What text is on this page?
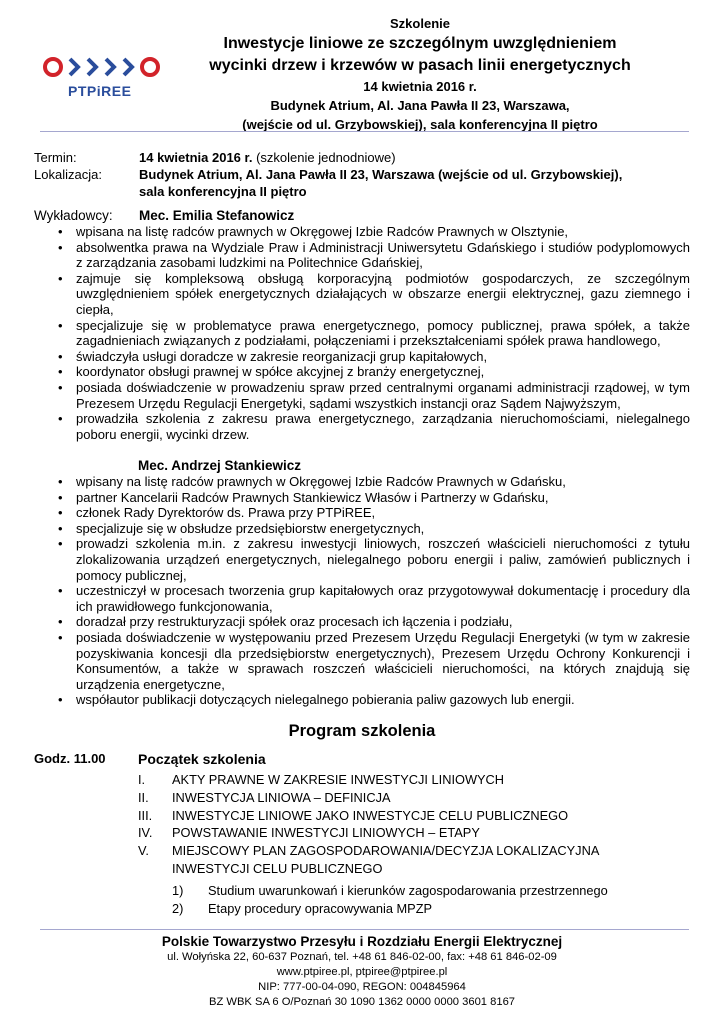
PTPiREE
Szkolenie
Inwestycje liniowe ze szczególnym uwzględnieniem
wycinki drzew i krzewów w pasach linii energetycznych
14 kwietnia 2016 r.
Budynek Atrium, Al. Jana Pawła II 23, Warszawa,
(wejście od ul. Grzybowskiej), sala konferencyjna II piętro
Termin:	14 kwietnia 2016 r. (szkolenie jednodniowe)
Lokalizacja:	Budynek Atrium, Al. Jana Pawła II 23, Warszawa (wejście od ul. Grzybowskiej),
sala konferencyjna II piętro
Wykładowcy: Mec. Emilia Stefanowicz
• wpisana na listę radców prawnych w Okręgowej Izbie Radców Prawnych w Olsztynie,
• absolwentka prawa na Wydziale Praw i Administracji Uniwersytetu Gdańskiego i studiów podyplomowych z zarządzania zasobami ludzkimi na Politechnice Gdańskiej,
• zajmuje się kompleksową obsługą korporacyjną podmiotów gospodarczych, ze szczególnym uwzględnieniem spółek energetycznych działających w obszarze energii elektrycznej, gazu ziemnego i ciepła,
• specjalizuje się w problematyce prawa energetycznego, pomocy publicznej, prawa spółek, a także zagadnieniach związanych z podziałami, połączeniami i przekształceniami spółek prawa handlowego,
• świadczyła usługi doradcze w zakresie reorganizacji grup kapitałowych,
• koordynator obsługi prawnej w spółce akcyjnej z branży energetycznej,
• posiada doświadczenie w prowadzeniu spraw przed centralnymi organami administracji rządowej, w tym Prezesem Urzędu Regulacji Energetyki, sądami wszystkich instancji oraz Sądem Najwyższym,
• prowadziła szkolenia z zakresu prawa energetycznego, zarządzania nieruchomościami, nielegalnego poboru energii, wycinki drzew.
Mec. Andrzej Stankiewicz
• wpisany na listę radców prawnych w Okręgowej Izbie Radców Prawnych w Gdańsku,
• partner Kancelarii Radców Prawnych Stankiewicz Własów i Partnerzy w Gdańsku,
• członek Rady Dyrektorów ds. Prawa przy PTPiREE,
• specjalizuje się w obsłudze przedsiębiorstw energetycznych,
• prowadzi szkolenia m.in. z zakresu inwestycji liniowych, roszczeń właścicieli nieruchomości z tytułu zlokalizowania urządzeń energetycznych, nielegalnego poboru energii i paliw, zamówień publicznych i pomocy publicznej,
• uczestniczył w procesach tworzenia grup kapitałowych oraz przygotowywał dokumentację i procedury dla ich prawidłowego funkcjonowania,
• doradzał przy restrukturyzacji spółek oraz procesach ich łączenia i podziału,
• posiada doświadczenie w występowaniu przed Prezesem Urzędu Regulacji Energetyki (w tym w zakresie pozyskiwania koncesji dla przedsiębiorstw energetycznych), Prezesem Urzędu Ochrony Konkurencji i Konsumentów, a także w sprawach roszczeń właścicieli nieruchomości, na których znajdują się urządzenia energetyczne,
• współautor publikacji dotyczących nielegalnego pobierania paliw gazowych lub energii.
Program szkolenia
Godz. 11.00 Początek szkolenia
I. AKTY PRAWNE W ZAKRESIE INWESTYCJI LINIOWYCH
II. INWESTYCJA LINIOWA – DEFINICJA
III. INWESTYCJE LINIOWE JAKO INWESTYCJE CELU PUBLICZNEGO
IV. POWSTAWANIE INWESTYCJI LINIOWYCH – ETAPY
V. MIEJSCOWY PLAN ZAGOSPODAROWANIA/DECYZJA LOKALIZACYJNA
INWESTYCJI CELU PUBLICZNEGO
1) Studium uwarunkowań i kierunków zagospodarowania przestrzennego
2) Etapy procedury opracowywania MPZP
Polskie Towarzystwo Przesyłu i Rozdziału Energii Elektrycznej
ul. Wołyńska 22, 60-637 Poznań, tel. +48 61 846-02-00, fax: +48 61 846-02-09
www.ptpiree.pl, ptpiree@ptpiree.pl
NIP: 777-00-04-090, REGON: 004845964
BZ WBK SA 6 O/Poznań 30 1090 1362 0000 0000 3601 8167
